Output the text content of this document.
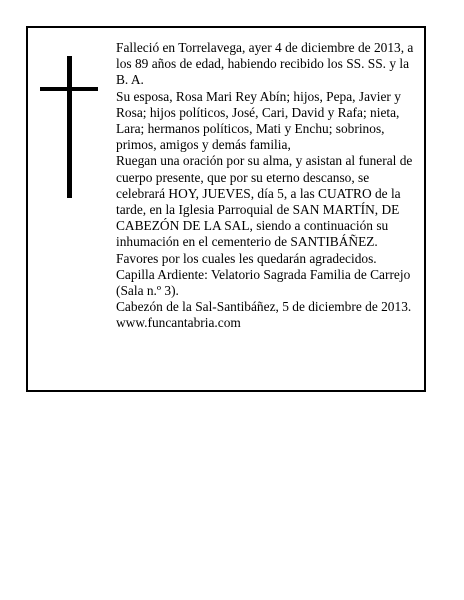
Falleció en Torrelavega, ayer 4 de diciembre de 2013, a los 89 años de edad, habiendo recibido los SS. SS. y la B. A.

Su esposa, Rosa Mari Rey Abín; hijos, Pepa, Javier y Rosa; hijos políticos, José, Cari, David y Rafa; nieta, Lara; hermanos políticos, Mati y Enchu; sobrinos, primos, amigos y demás familia,

Ruegan una oración por su alma, y asistan al funeral de cuerpo presente, que por su eterno descanso, se celebrará HOY, JUEVES, día 5, a las CUATRO de la tarde, en la Iglesia Parroquial de SAN MARTÍN, DE CABEZÓN DE LA SAL, siendo a continuación su inhumación en el cementerio de SANTIBÁÑEZ.

Favores por los cuales les quedarán agradecidos.

Capilla Ardiente: Velatorio Sagrada Familia de Carrejo (Sala n.º 3).

Cabezón de la Sal-Santibáñez, 5 de diciembre de 2013.

www.funcantabria.com
